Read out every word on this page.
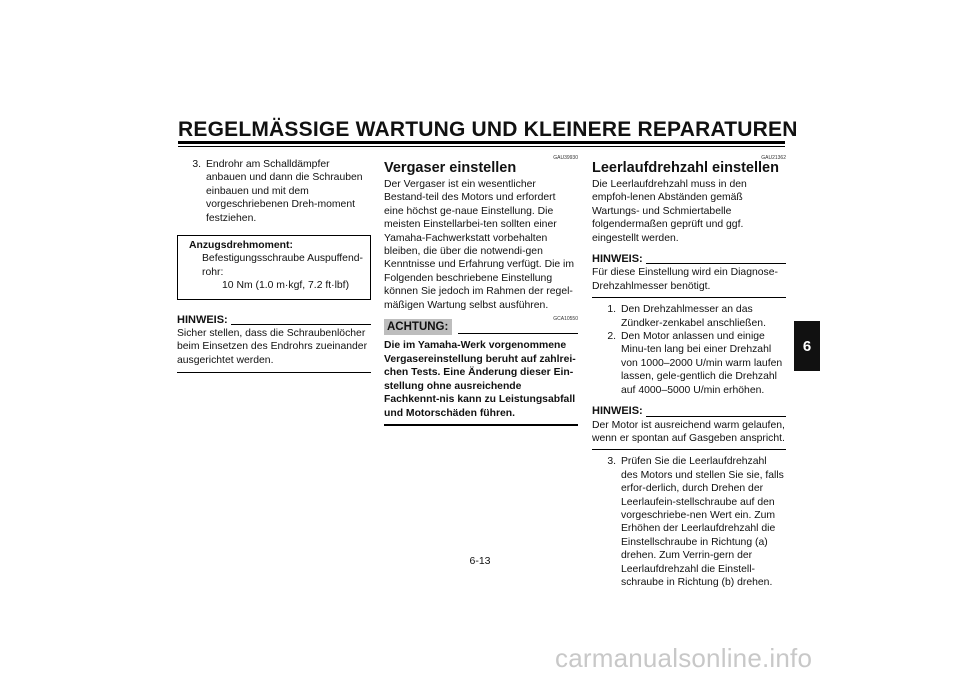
REGELMÄSSIGE WARTUNG UND KLEINERE REPARATUREN
3. Endrohr am Schalldämpfer anbauen und dann die Schrauben einbauen und mit dem vorgeschriebenen Dreh-moment festziehen.
Anzugsdrehmoment:
Befestigungsschraube Auspuffend-rohr:
10 Nm (1.0 m·kgf, 7.2 ft·lbf)
HINWEIS:

Sicher stellen, dass die Schraubenlöcher beim Einsetzen des Endrohrs zueinander ausgerichtet werden.

GAU39930
Vergaser einstellen

Der Vergaser ist ein wesentlicher Bestand-teil des Motors und erfordert eine höchst ge-naue Einstellung. Die meisten Einstellarbei-ten sollten einer Yamaha-Fachwerkstatt vorbehalten bleiben, die über die notwendi-gen Kenntnisse und Erfahrung verfügt. Die im Folgenden beschriebene Einstellung können Sie jedoch im Rahmen der regel-mäßigen Wartung selbst ausführen.

GCA10550
ACHTUNG:

Die im Yamaha-Werk vorgenommene Vergasereinstellung beruht auf zahlrei-chen Tests. Eine Änderung dieser Ein-stellung ohne ausreichende Fachkennt-nis kann zu Leistungsabfall und Motorschäden führen.

GAU21362
Leerlaufdrehzahl einstellen

Die Leerlaufdrehzahl muss in den empfoh-lenen Abständen gemäß Wartungs- und Schmiertabelle folgendermaßen geprüft und ggf. eingestellt werden.

HINWEIS:

Für diese Einstellung wird ein Diagnose-Drehzahlmesser benötigt.

1. Den Drehzahlmesser an das Zündker-zenkabel anschließen.
2. Den Motor anlassen und einige Minu-ten lang bei einer Drehzahl von 1000–2000 U/min warm laufen lassen, gele-gentlich die Drehzahl auf 4000–5000 U/min erhöhen.
HINWEIS:

Der Motor ist ausreichend warm gelaufen, wenn er spontan auf Gasgeben anspricht.

3. Prüfen Sie die Leerlaufdrehzahl des Motors und stellen Sie sie, falls erfor-derlich, durch Drehen der Leerlaufein-stellschraube auf den vorgeschriebe-nen Wert ein. Zum Erhöhen der Leerlaufdrehzahl die Einstellschraube in Richtung (a) drehen. Zum Verrin-gern der Leerlaufdrehzahl die Einstell-schraube in Richtung (b) drehen.
6
6-13
carmanualsonline.info
